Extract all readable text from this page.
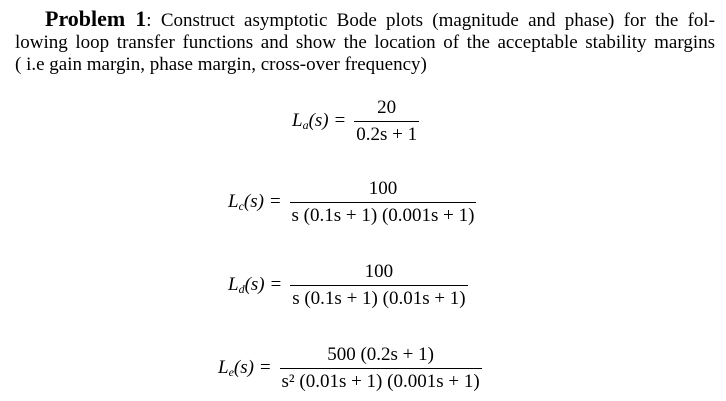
Problem 1: Construct asymptotic Bode plots (magnitude and phase) for the fol-
lowing loop transfer functions and show the location of the acceptable stability margins
( i.e gain margin, phase margin, cross-over frequency)
$L_a(s) = \frac{20}{0.2s + 1}$
$L_c(s) = \frac{100}{s (0.1s + 1) (0.001s + 1)}$
$L_d(s) = \frac{100}{s (0.1s + 1) (0.01s + 1)}$
$L_e(s) = \frac{500 (0.2s + 1)}{\text{s² (0.01s + 1) (0.001s + 1)}}$
